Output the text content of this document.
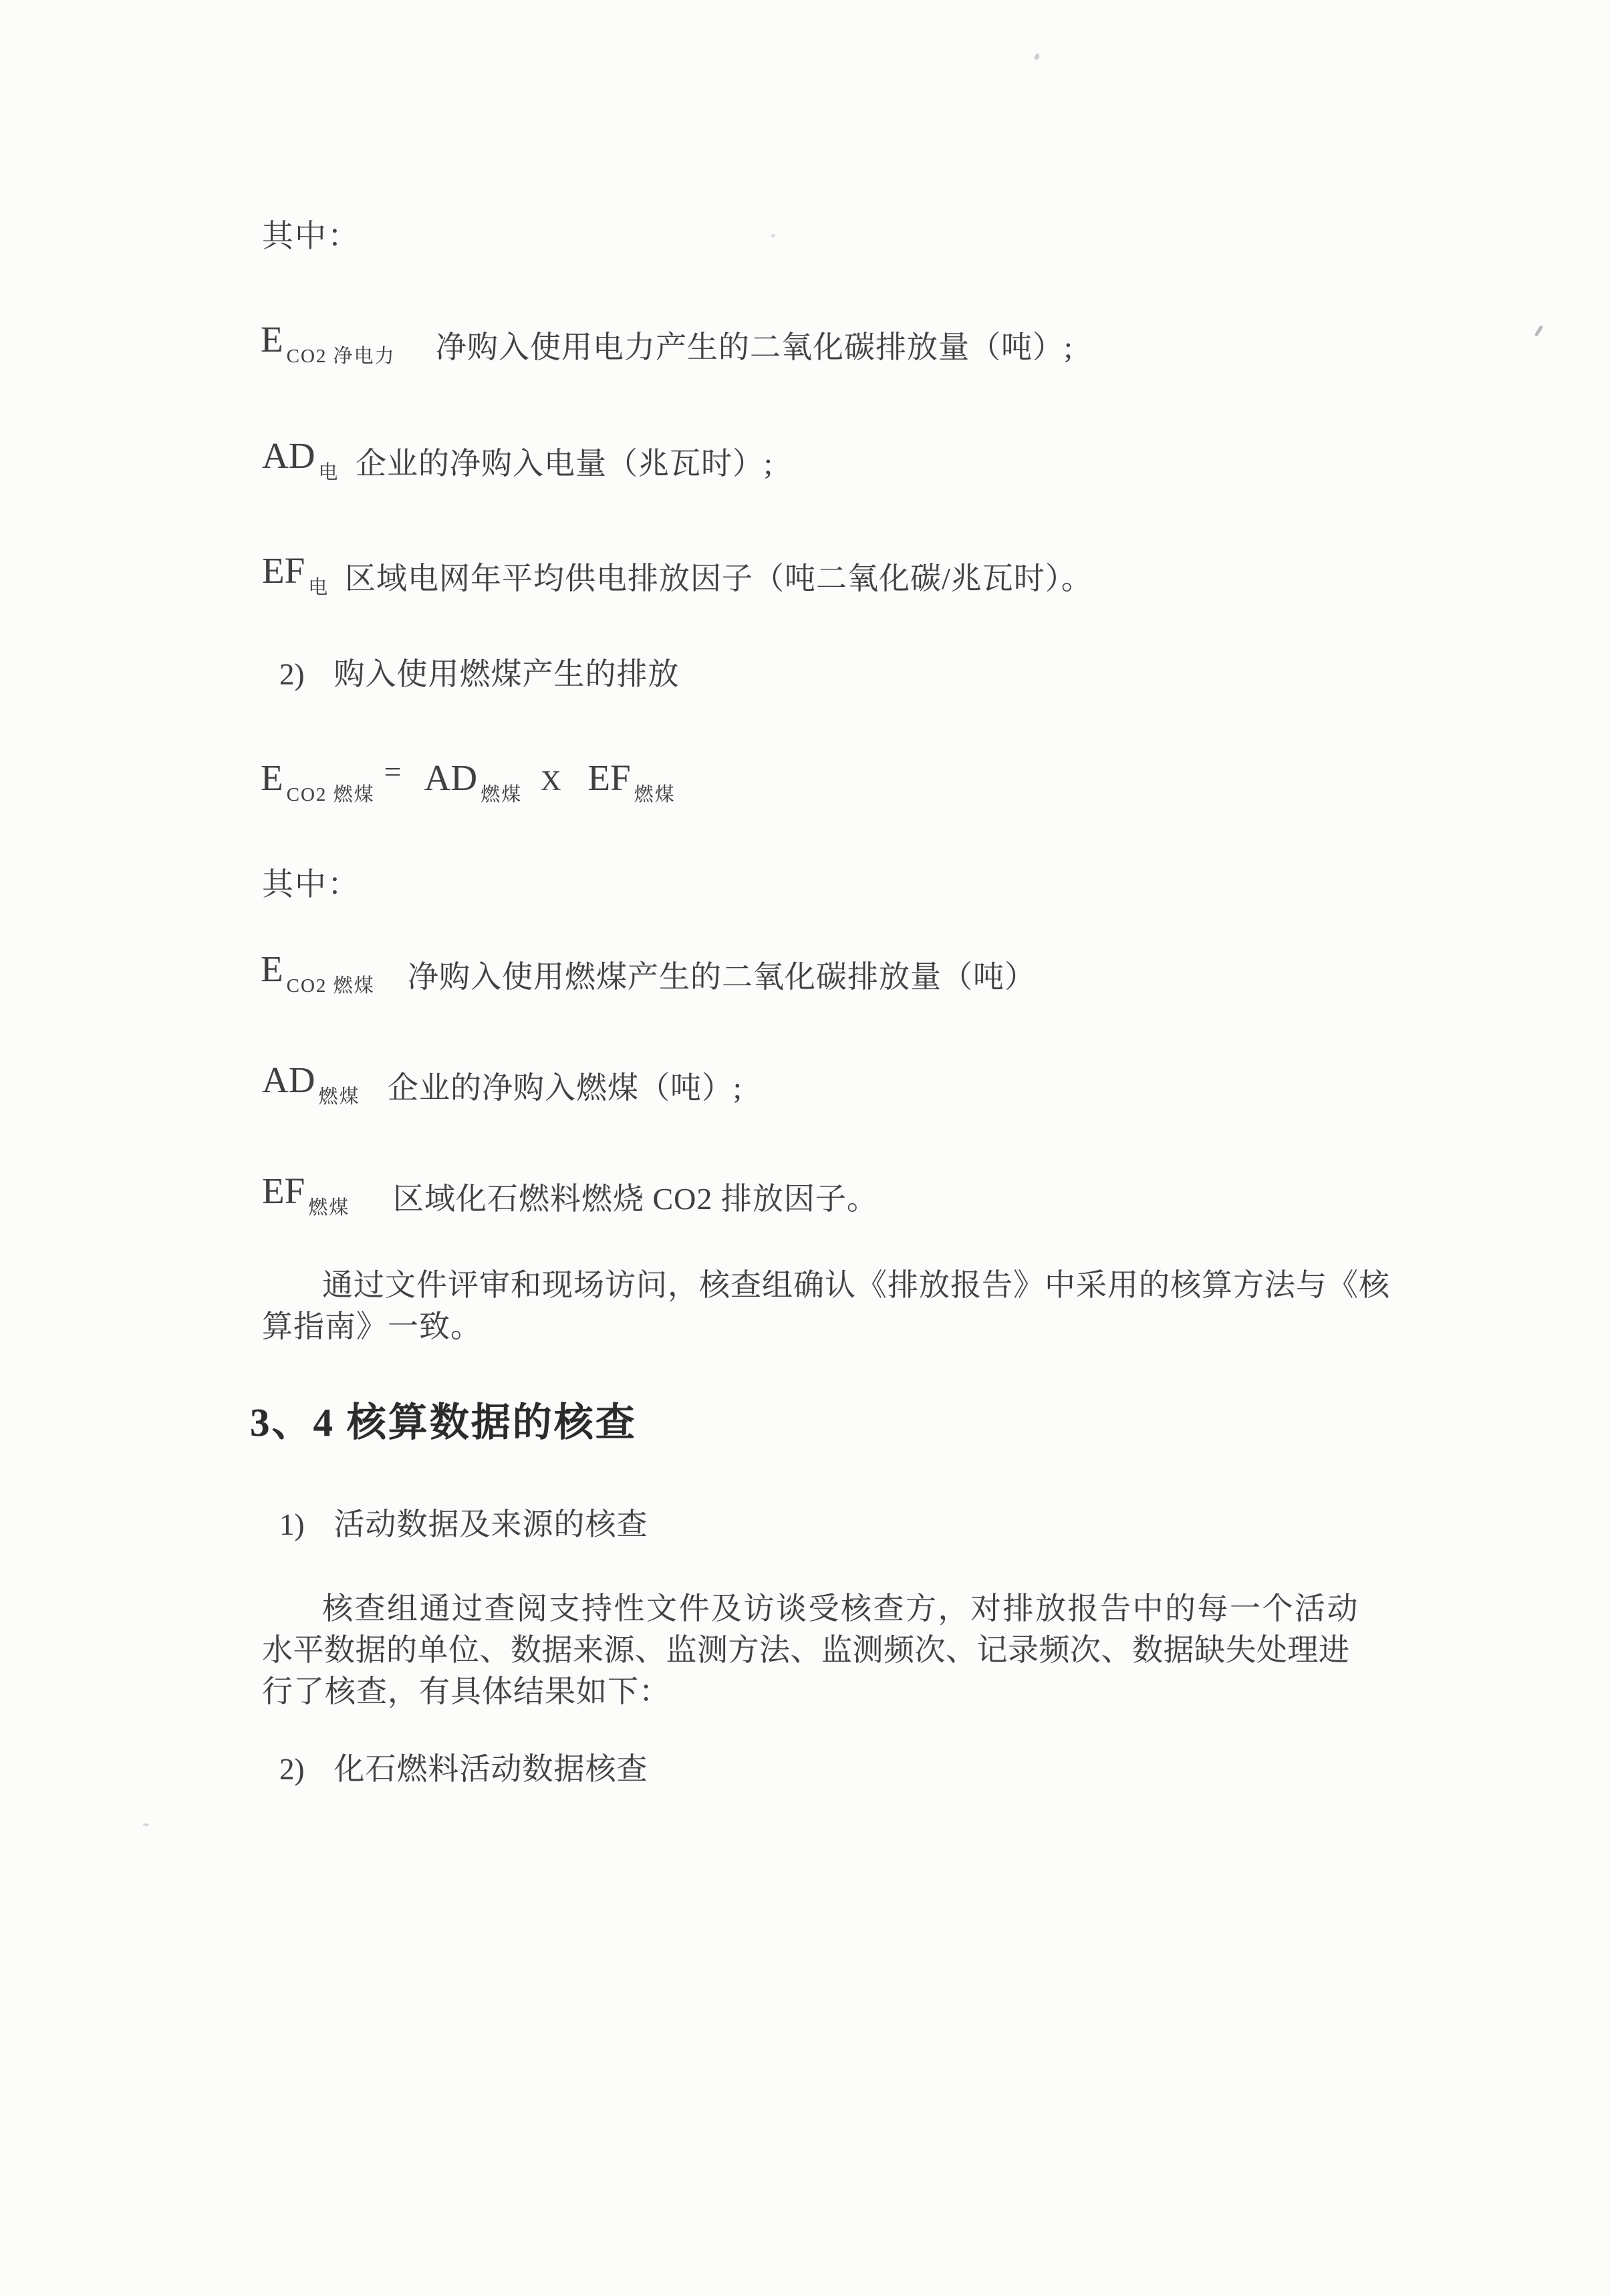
其中：
ECO2 净电力 净购入使用电力产生的二氧化碳排放量（吨）;
AD 电 企业的净购入电量（兆瓦时）;
EF 电 区域电网年平均供电排放因子（吨二氧化碳/兆瓦时）。
2) 购入使用燃煤产生的排放
ECO2 燃煤= AD 燃煤 X EF 燃煤
其中：
ECO2 燃煤 净购入使用燃煤产生的二氧化碳排放量（吨）
AD 燃煤 企业的净购入燃煤（吨）;
EF 燃煤 区域化石燃料燃烧 CO2 排放因子。
通过文件评审和现场访问，核查组确认《排放报告》中采用的核算方法与《核
算指南》一致。
3、4 核算数据的核查
1) 活动数据及来源的核查
核查组通过查阅支持性文件及访谈受核查方，对排放报告中的每一个活动
水平数据的单位、数据来源、监测方法、监测频次、记录频次、数据缺失处理进
行了核查，有具体结果如下：
2) 化石燃料活动数据核查
